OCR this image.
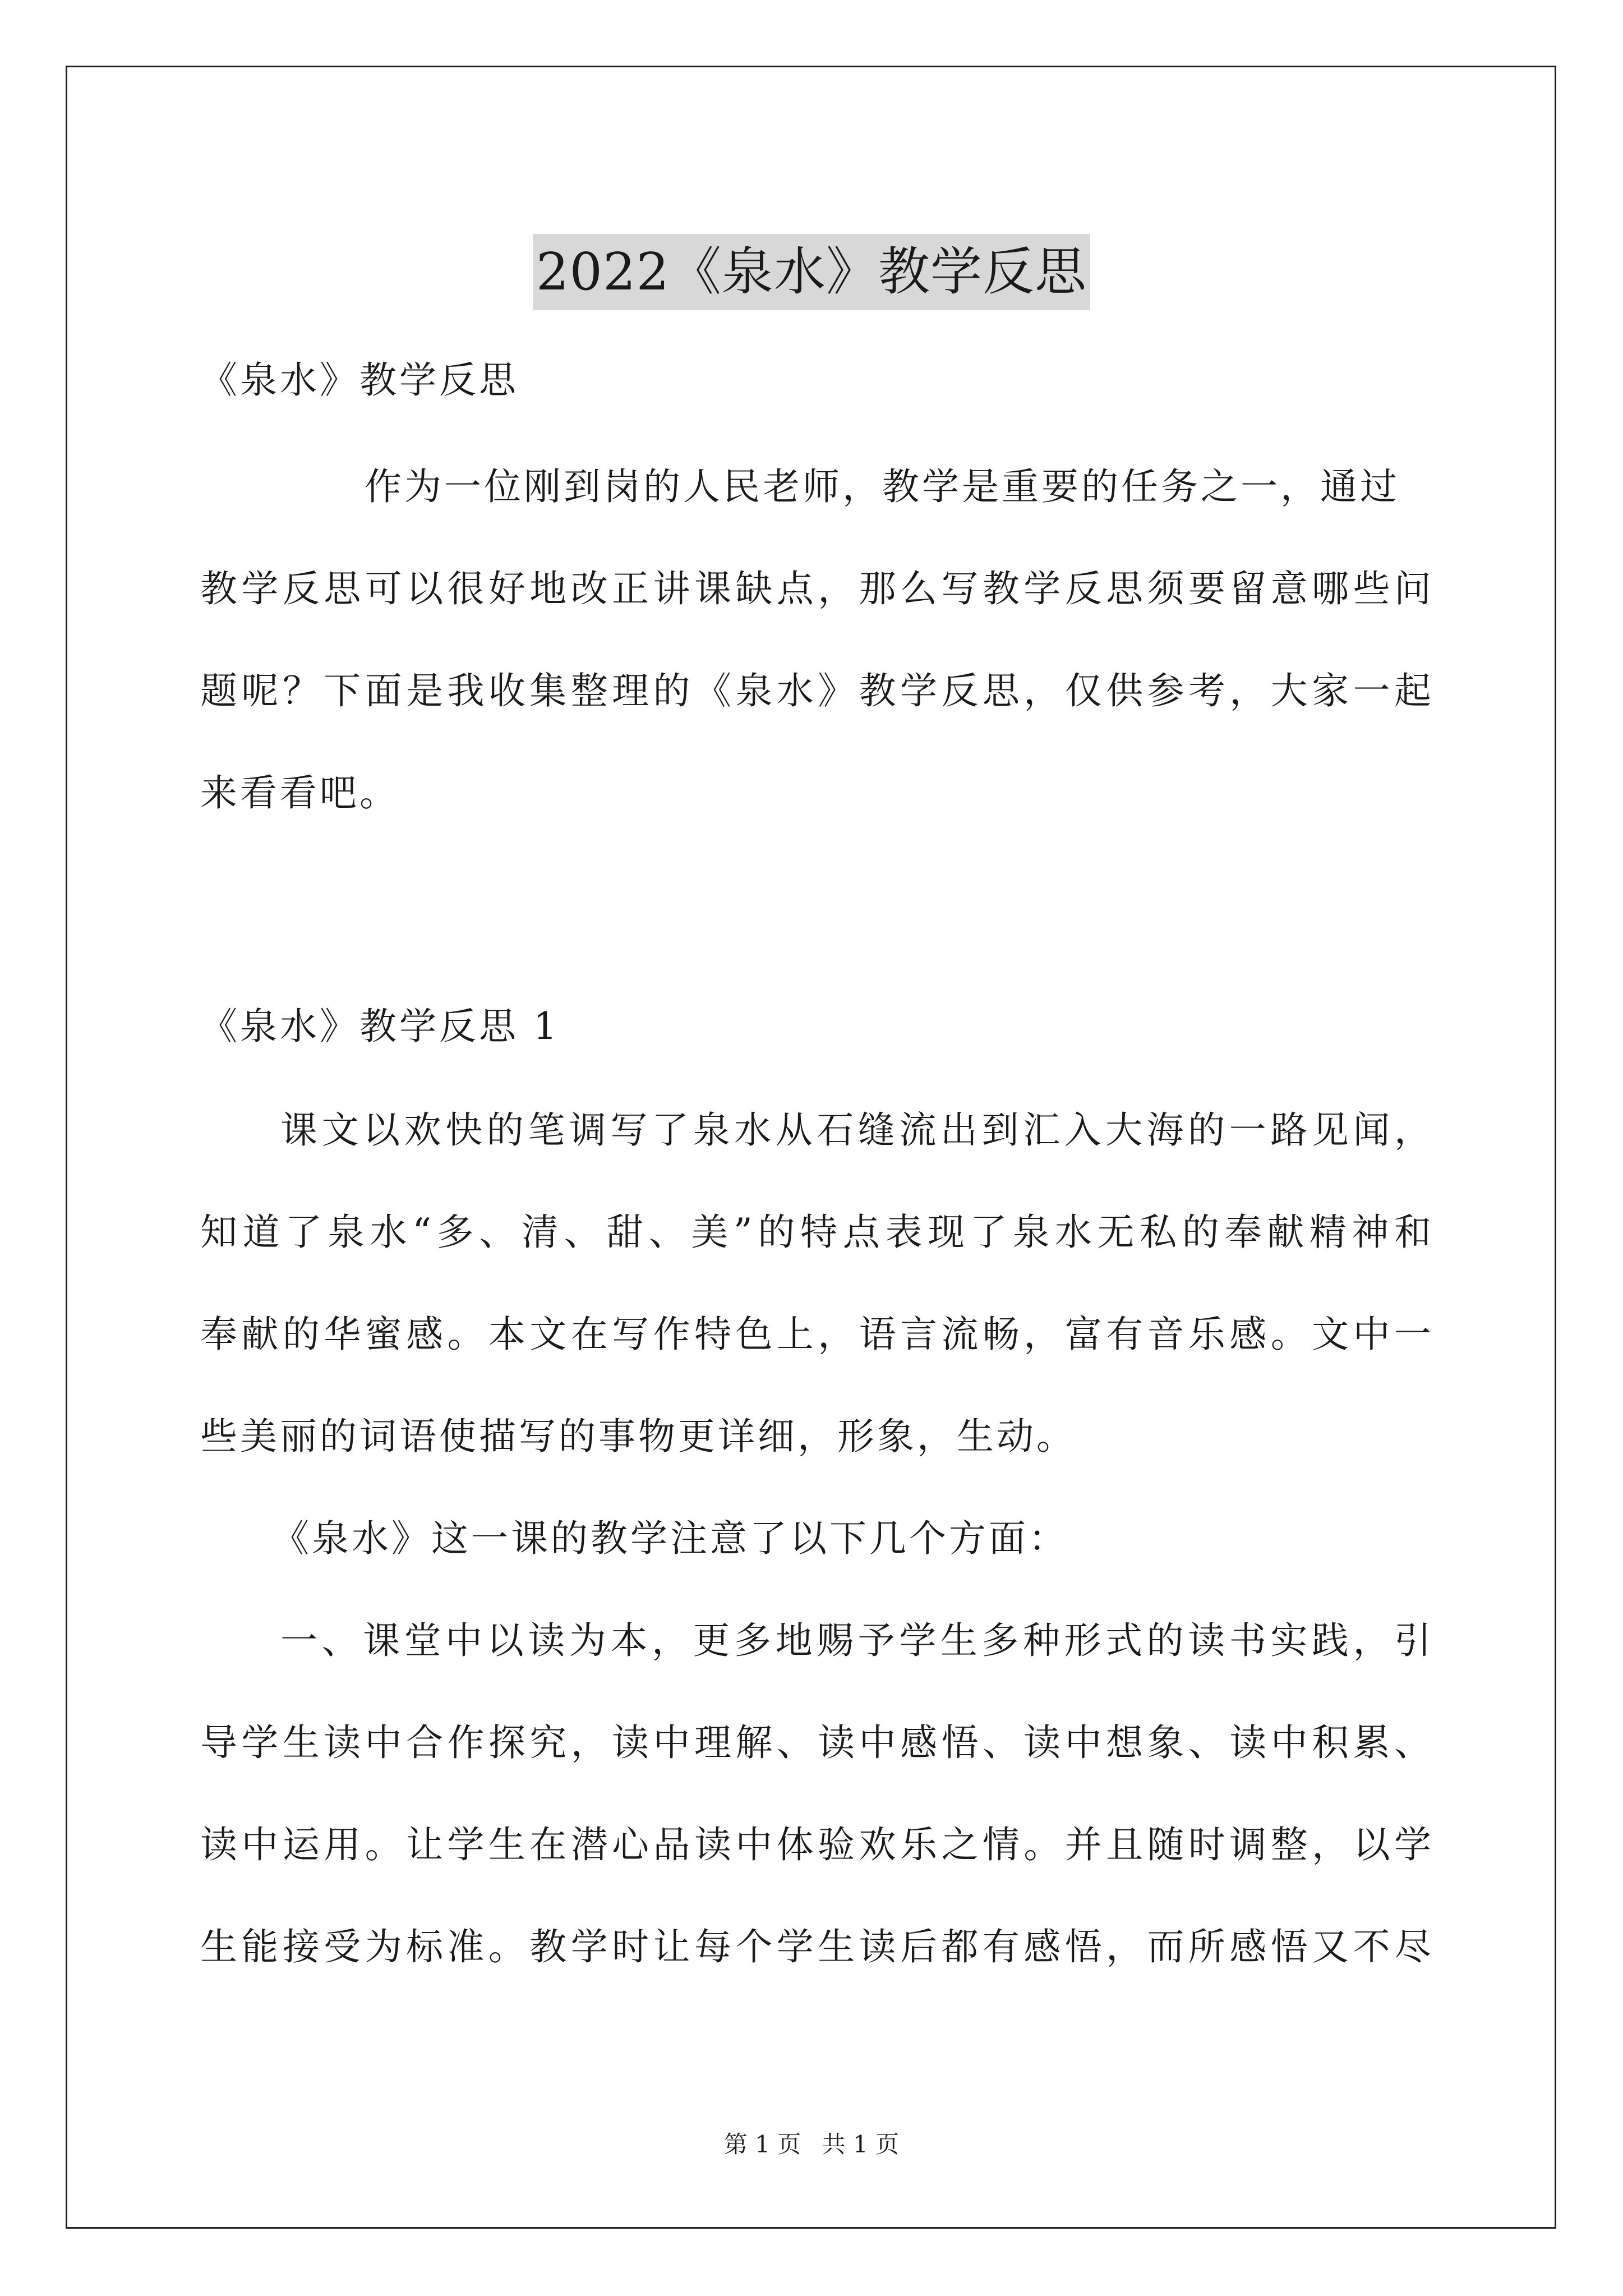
2022《泉水》教学反思
《泉水》教学反思
作为一位刚到岗的人民老师，教学是重要的任务之一，通过
教学反思可以很好地改正讲课缺点，那么写教学反思须要留意哪些问
题呢？下面是我收集整理的《泉水》教学反思，仅供参考，大家一起
来看看吧。
《泉水》教学反思 1
课文以欢快的笔调写了泉水从石缝流出到汇入大海的一路见闻，
知道了泉水“多、清、甜、美”的特点表现了泉水无私的奉献精神和
奉献的华蜜感。本文在写作特色上，语言流畅，富有音乐感。文中一
些美丽的词语使描写的事物更详细，形象，生动。
《泉水》这一课的教学注意了以下几个方面：
一、课堂中以读为本，更多地赐予学生多种形式的读书实践，引
导学生读中合作探究，读中理解、读中感悟、读中想象、读中积累、
读中运用。让学生在潜心品读中体验欢乐之情。并且随时调整，以学
生能接受为标准。教学时让每个学生读后都有感悟，而所感悟又不尽
第 1 页 共 1 页
